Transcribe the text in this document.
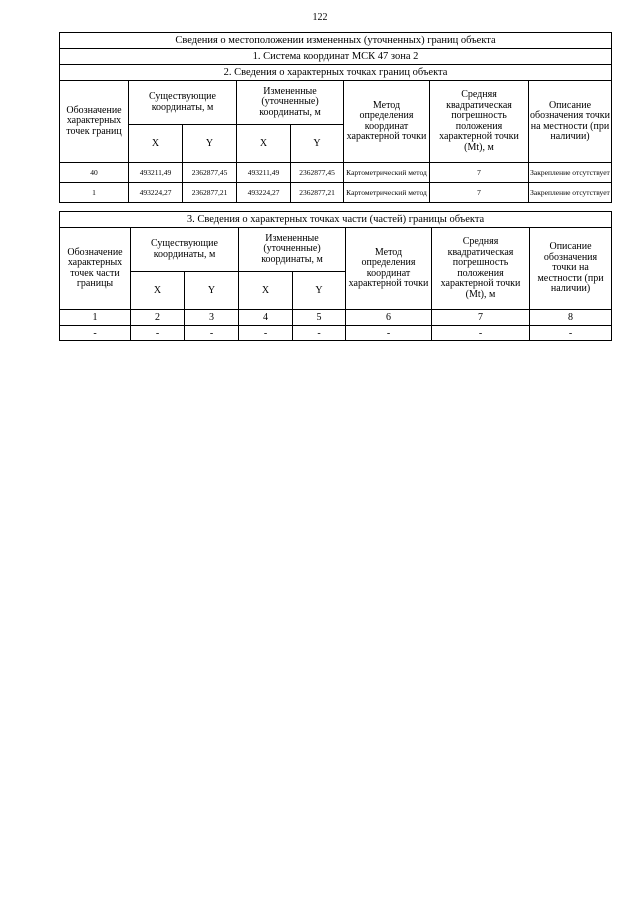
122
Сведения о местоположении измененных (уточненных) границ объекта							
1. Система координат МСК 47 зона 2							
2. Сведения о характерных точках границ объекта							
Обозначение характерных точек границ	Существующие координаты, м		Измененные (уточненные) координаты, м		Метод определения координат характерной точки	Средняя квадратическая погрешность положения характерной точки (Mt), м	Описание обозначения точки на местности (при наличии)
	X	Y	X	Y			
40	493211,49	2362877,45	493211,49	2362877,45	Картометрический метод	7	Закрепление отсутствует
1	493224,27	2362877,21	493224,27	2362877,21	Картометрический метод	7	Закрепление отсутствует
3. Сведения о характерных точках части (частей) границы объекта							
Обозначение характерных точек части границы	Существующие координаты, м		Измененные (уточненные) координаты, м		Метод определения координат характерной точки	Средняя квадратическая погрешность положения характерной точки (Mt), м	Описание обозначения точки на местности (при наличии)
	X	Y	X	Y			
1	2	3	4	5	6	7	8
-	-	-	-	-	-	-	-
